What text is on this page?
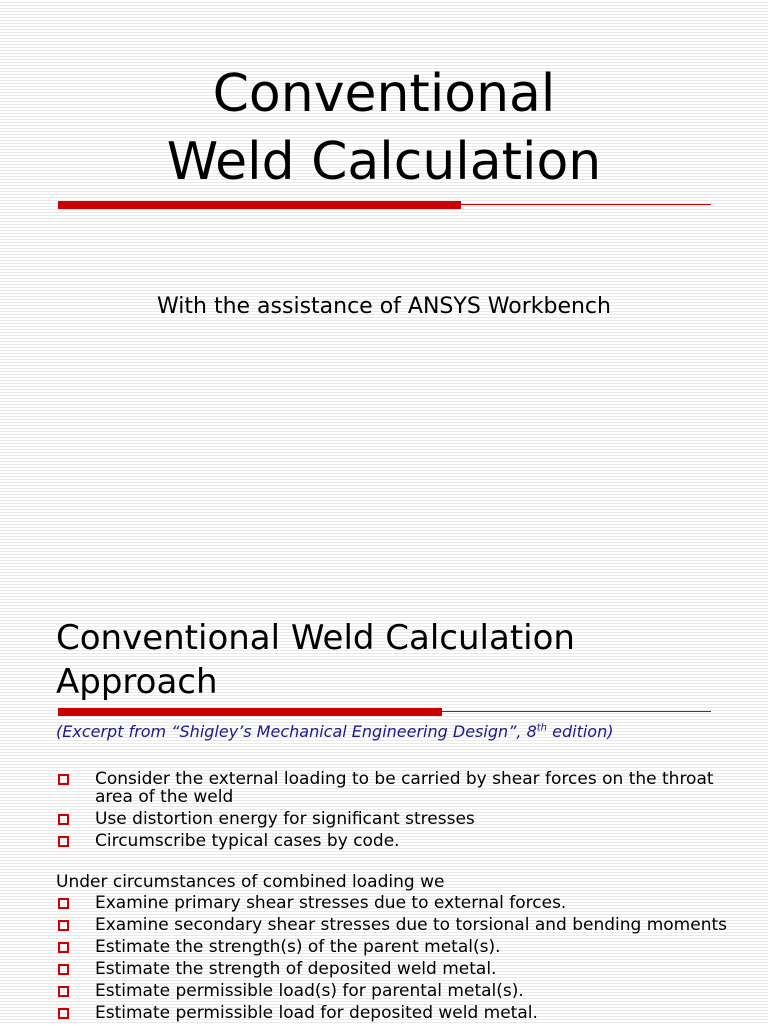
Conventional
Weld Calculation
With the assistance of ANSYS Workbench
Conventional Weld Calculation
Approach
(Excerpt from “Shigley’s Mechanical Engineering Design”, 8th edition)
Consider the external loading to be carried by shear forces on the throat area of the weld
Use distortion energy for significant stresses
Circumscribe typical cases by code.
Under circumstances of combined loading we
Examine primary shear stresses due to external forces.
Examine secondary shear stresses due to torsional and bending moments
Estimate the strength(s) of the parent metal(s).
Estimate the strength of deposited weld metal.
Estimate permissible load(s) for parental metal(s).
Estimate permissible load for deposited weld metal.
